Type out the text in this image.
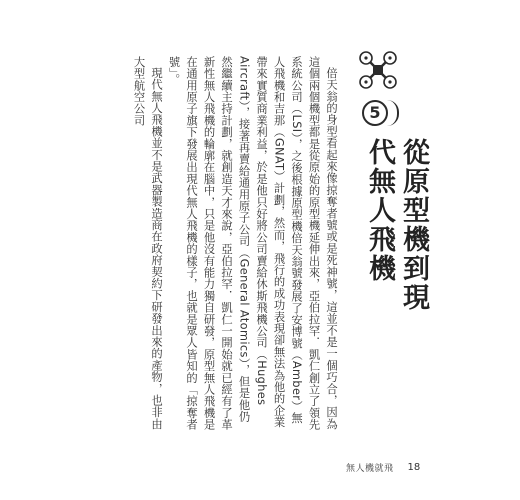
5
從原型機到現代無人飛機

倍天翁的身型看起來像掠奪者號或是死神號，這並不是一個巧合，因為這個兩個機型都是從原始的原型機延伸出來，亞伯拉罕．凱仁創立了領先系統公司（LSI），之後根據原型機倍天翁號發展了安博號（Amber）無人飛機和吉那（GNAT）計劃，然而，飛行的成功表現卻無法為他的企業帶來實質商業利益，於是他只好將公司賣給休斯飛機公司（Hughes Aircraft），接著再賣給通用原子公司（General Atomics），但是他仍然繼續主持計劃，就創造天才來說，亞伯拉罕．凱仁一開始就已經有了革新性無人飛機的輪廓在腦中，只是他沒有能力獨自研發，原型無人飛機是在通用原子旗下發展出現代無人飛機的樣子，也就是眾人皆知的「掠奪者號」。

現代無人飛機並不是武器製造商在政府契約下研發出來的產物，也非由大型航空公司

無人機就飛 18
